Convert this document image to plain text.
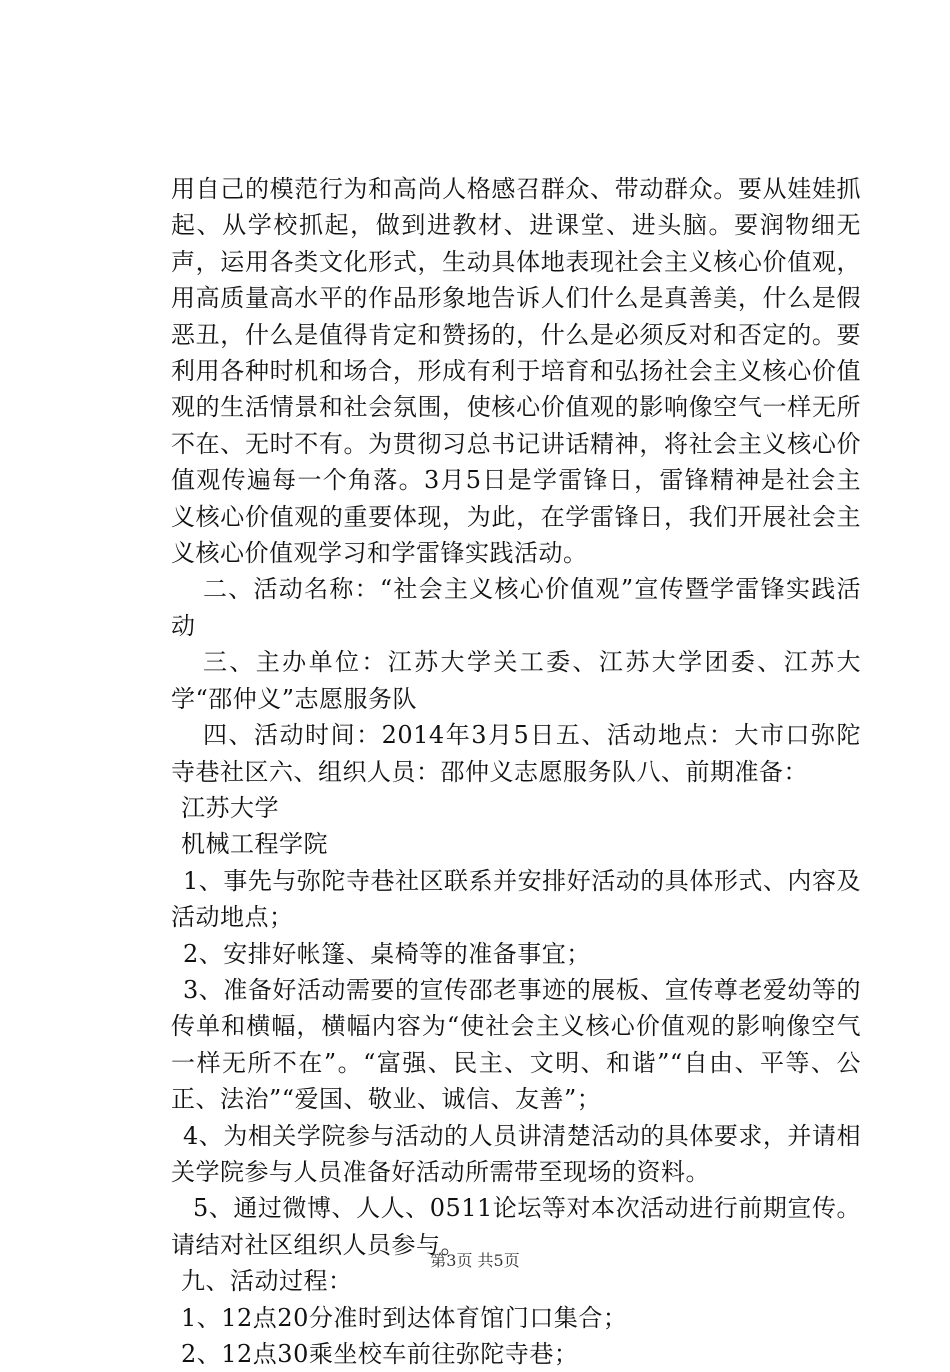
用自己的模范行为和高尚人格感召群众、带动群众。要从娃娃抓起、从学校抓起，做到进教材、进课堂、进头脑。要润物细无声，运用各类文化形式，生动具体地表现社会主义核心价值观，用高质量高水平的作品形象地告诉人们什么是真善美，什么是假恶丑，什么是值得肯定和赞扬的，什么是必须反对和否定的。要利用各种时机和场合，形成有利于培育和弘扬社会主义核心价值观的生活情景和社会氛围，使核心价值观的影响像空气一样无所不在、无时不有。为贯彻习总书记讲话精神，将社会主义核心价值观传遍每一个角落。3月5日是学雷锋日，雷锋精神是社会主义核心价值观的重要体现，为此，在学雷锋日，我们开展社会主义核心价值观学习和学雷锋实践活动。

二、活动名称：“社会主义核心价值观”宣传暨学雷锋实践活动

三、主办单位：江苏大学关工委、江苏大学团委、江苏大学“邵仲义”志愿服务队

四、活动时间：2014年3月5日五、活动地点：大市口弥陀寺巷社区六、组织人员：邵仲义志愿服务队八、前期准备：

江苏大学

机械工程学院

1、事先与弥陀寺巷社区联系并安排好活动的具体形式、内容及活动地点；

2、安排好帐篷、桌椅等的准备事宜；

3、准备好活动需要的宣传邵老事迹的展板、宣传尊老爱幼等的传单和横幅，横幅内容为“使社会主义核心价值观的影响像空气一样无所不在”。“富强、民主、文明、和谐”“自由、平等、公正、法治”“爱国、敬业、诚信、友善”；

4、为相关学院参与活动的人员讲清楚活动的具体要求，并请相关学院参与人员准备好活动所需带至现场的资料。

5、通过微博、人人、0511论坛等对本次活动进行前期宣传。请结对社区组织人员参与。

九、活动过程：

1、12点20分准时到达体育馆门口集合；

2、12点30乘坐校车前往弥陀寺巷；

第3页 共5页
